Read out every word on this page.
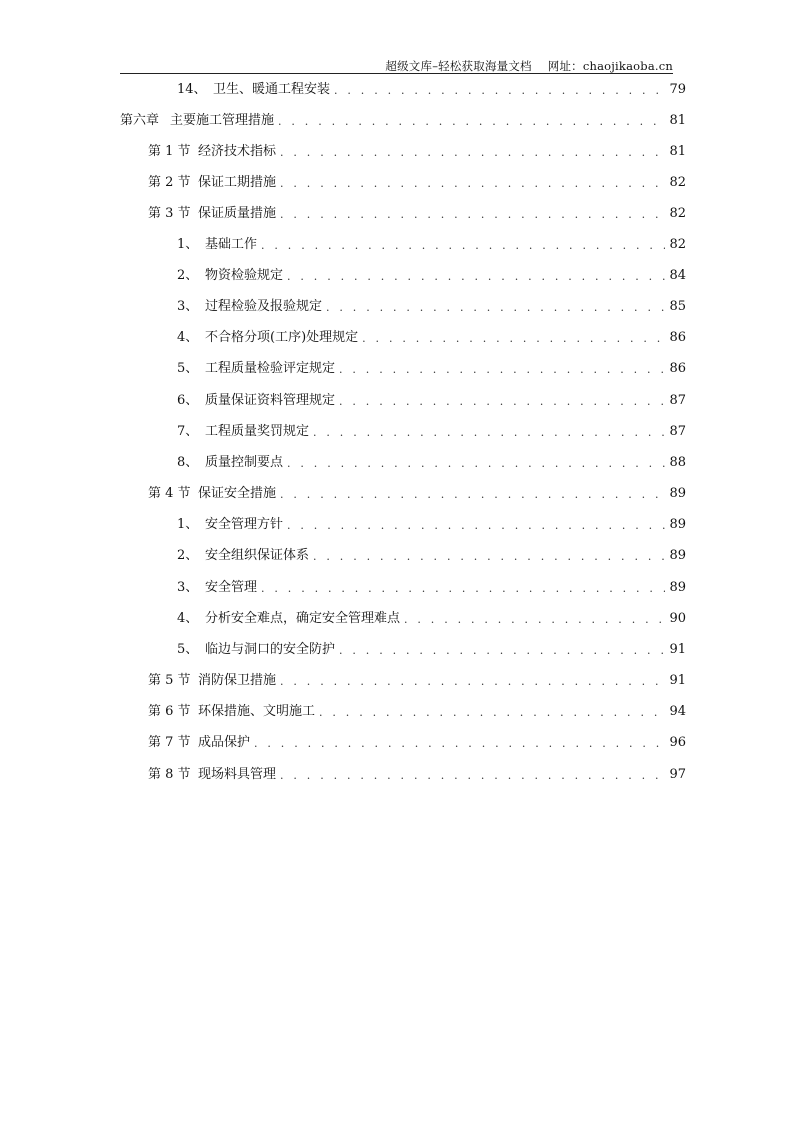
超级文库–轻松获取海量文档 网址：chaojikaoba.cn
14、 卫生、暖通工程安装 . . .	79
第六章 主要施工管理措施 . . .	81
第 1 节 经济技术指标 . . .	81
第 2 节 保证工期措施 . . .	82
第 3 节 保证质量措施 . . .	82
1、 基础工作 . . .	82
2、 物资检验规定 . . .	84
3、 过程检验及报验规定 . . .	85
4、 不合格分项(工序)处理规定 . . .	86
5、 工程质量检验评定规定 . . .	86
6、 质量保证资料管理规定 . . .	87
7、 工程质量奖罚规定 . . .	87
8、 质量控制要点 . . .	88
第 4 节 保证安全措施 . . .	89
1、 安全管理方针 . . .	89
2、 安全组织保证体系 . . .	89
3、 安全管理 . . .	89
4、 分析安全难点，确定安全管理难点 . . .	90
5、 临边与洞口的安全防护 . . .	91
第 5 节 消防保卫措施 . . .	91
第 6 节 环保措施、文明施工 . . .	94
第 7 节 成品保护 . . .	96
第 8 节 现场料具管理 . . .	97
